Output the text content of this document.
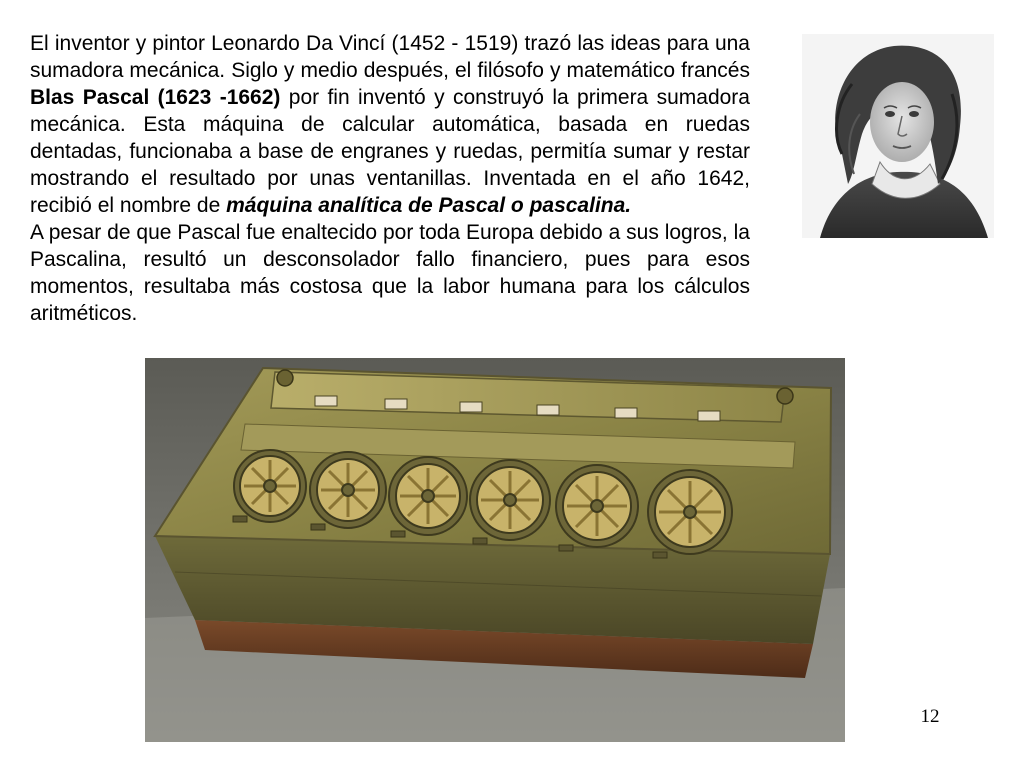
El inventor y pintor Leonardo Da Vincí (1452 - 1519) trazó las ideas para una sumadora mecánica. Siglo y medio después, el filósofo y matemático francés Blas Pascal (1623 -1662) por fin inventó y construyó la primera sumadora mecánica. Esta máquina de calcular automática, basada en ruedas dentadas, funcionaba a base de engranes y ruedas, permitía sumar y restar mostrando el resultado por unas ventanillas. Inventada en el año 1642, recibió el nombre de máquina analítica de Pascal o pascalina.

A pesar de que Pascal fue enaltecido por toda Europa debido a sus logros, la Pascalina, resultó un desconsolador fallo financiero, pues para esos momentos, resultaba más costosa que la labor humana para los cálculos aritméticos.

12
